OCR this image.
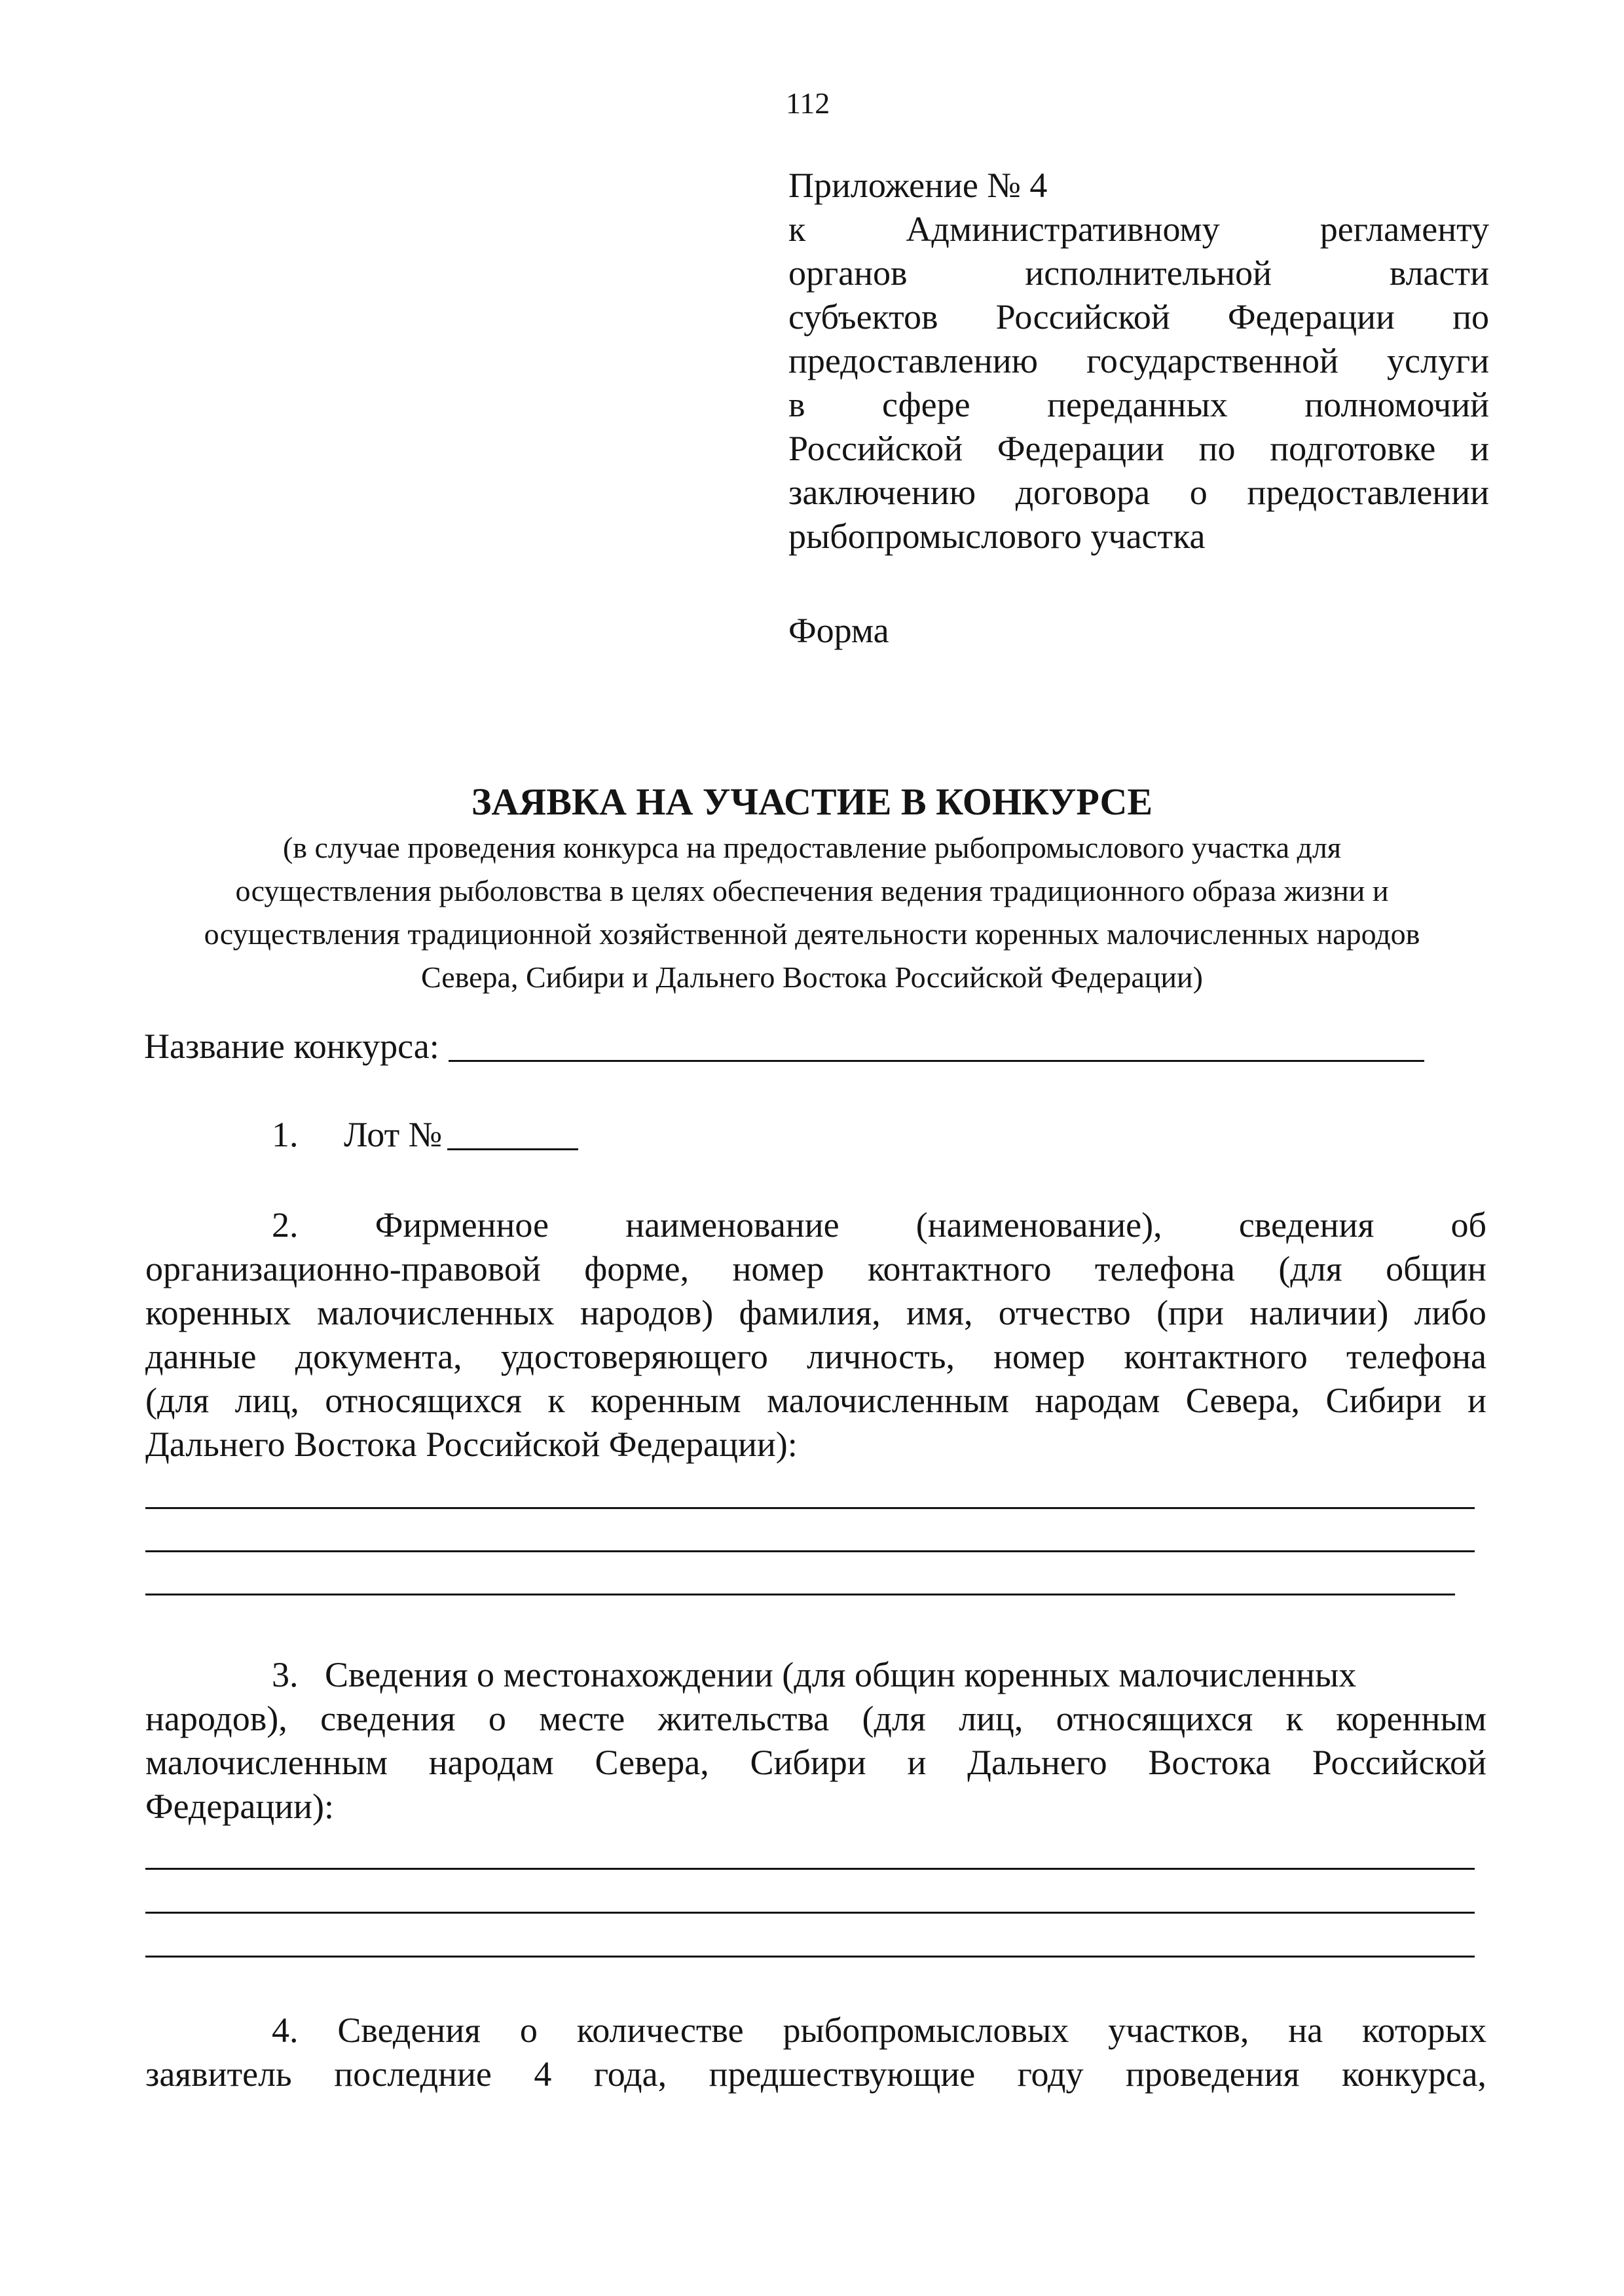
112
Приложение № 4
к	Административному	регламенту
органов	исполнительной	власти
субъектов Российской Федерации по
предоставлению государственной услуги
в сфере переданных полномочий
Российской Федерации по подготовке и
заключению договора о предоставлении
рыбопромыслового участка
Форма
ЗАЯВКА НА УЧАСТИЕ В КОНКУРСЕ
(в случае проведения конкурса на предоставление рыбопромыслового участка для
осуществления рыболовства в целях обеспечения ведения традиционного образа жизни и
осуществления традиционной хозяйственной деятельности коренных малочисленных народов
Севера, Сибири и Дальнего Востока Российской Федерации)
Название конкурса:
1.	Лот №
2. Фирменное наименование (наименование), сведения об
организационно-правовой форме, номер контактного телефона (для общин
коренных малочисленных народов) фамилия, имя, отчество (при наличии) либо
данные документа, удостоверяющего личность, номер контактного телефона
(для лиц, относящихся к коренным малочисленным народам Севера, Сибири и
Дальнего Востока Российской Федерации):
3.   Сведения о местонахождении (для общин коренных малочисленных
народов), сведения о месте жительства (для лиц, относящихся к коренным
малочисленным народам Севера, Сибири и Дальнего Востока Российской
Федерации):
4. Сведения о количестве рыбопромысловых участков, на которых
заявитель последние 4 года, предшествующие году проведения конкурса,
